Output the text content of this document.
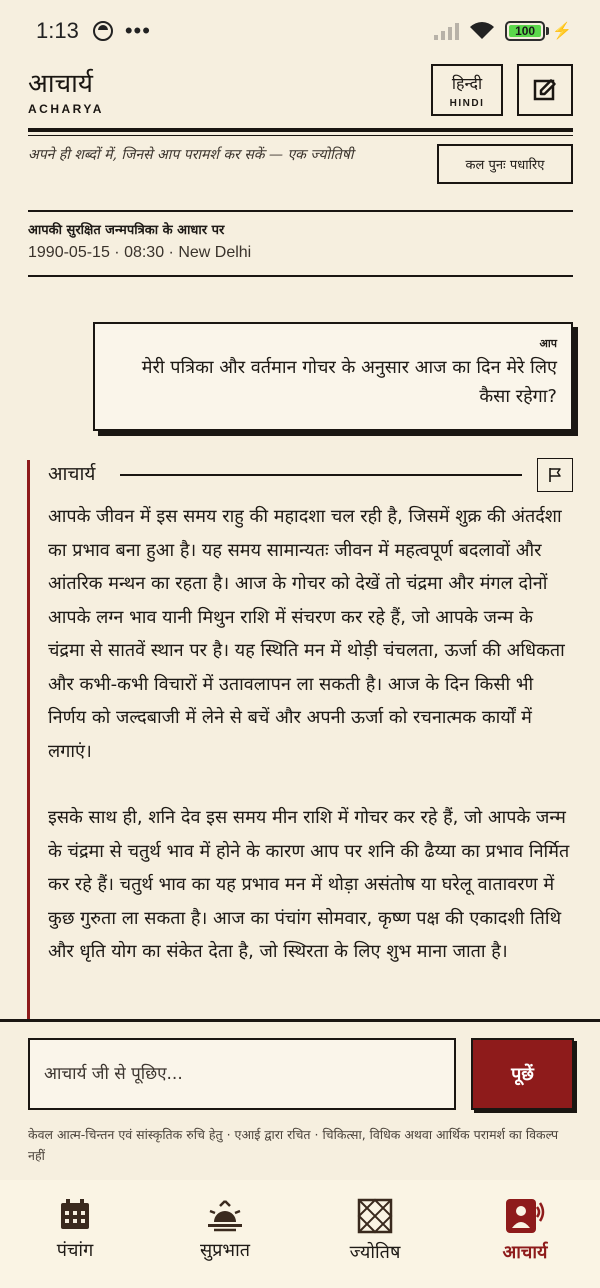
1:13 •••	100	⚡
आचार्य
ACHARYA
हिन्दी
HINDI
अपने ही शब्दों में, जिनसे आप परामर्श कर सकें — एक ज्योतिषी
कल पुनः पधारिए
आपकी सुरक्षित जन्मपत्रिका के आधार पर
1990-05-15 · 08:30 · New Delhi
आप
मेरी पत्रिका और वर्तमान गोचर के अनुसार आज का दिन मेरे लिए कैसा रहेगा?
आचार्य

आपके जीवन में इस समय राहु की महादशा चल रही है, जिसमें शुक्र की अंतर्दशा का प्रभाव बना हुआ है। यह समय सामान्यतः जीवन में महत्वपूर्ण बदलावों और आंतरिक मन्थन का रहता है। आज के गोचर को देखें तो चंद्रमा और मंगल दोनों आपके लग्न भाव यानी मिथुन राशि में संचरण कर रहे हैं, जो आपके जन्म के चंद्रमा से सातवें स्थान पर है। यह स्थिति मन में थोड़ी चंचलता, ऊर्जा की अधिकता और कभी-कभी विचारों में उतावलापन ला सकती है। आज के दिन किसी भी निर्णय को जल्दबाजी में लेने से बचें और अपनी ऊर्जा को रचनात्मक कार्यों में लगाएं।

इसके साथ ही, शनि देव इस समय मीन राशि में गोचर कर रहे हैं, जो आपके जन्म के चंद्रमा से चतुर्थ भाव में होने के कारण आप पर शनि की ढैय्या का प्रभाव निर्मित कर रहे हैं। चतुर्थ भाव का यह प्रभाव मन में थोड़ा असंतोष या घरेलू वातावरण में कुछ गुरुता ला सकता है। आज का पंचांग सोमवार, कृष्ण पक्ष की एकादशी तिथि और धृति योग का संकेत देता है, जो स्थिरता के लिए शुभ माना जाता है।

आचार्य जी से पूछिए...
पूछें
केवल आत्म-चिन्तन एवं सांस्कृतिक रुचि हेतु · एआई द्वारा रचित · चिकित्सा, विधिक अथवा आर्थिक परामर्श का विकल्प नहीं
पंचांग	सुप्रभात	ज्योतिष	आचार्य
